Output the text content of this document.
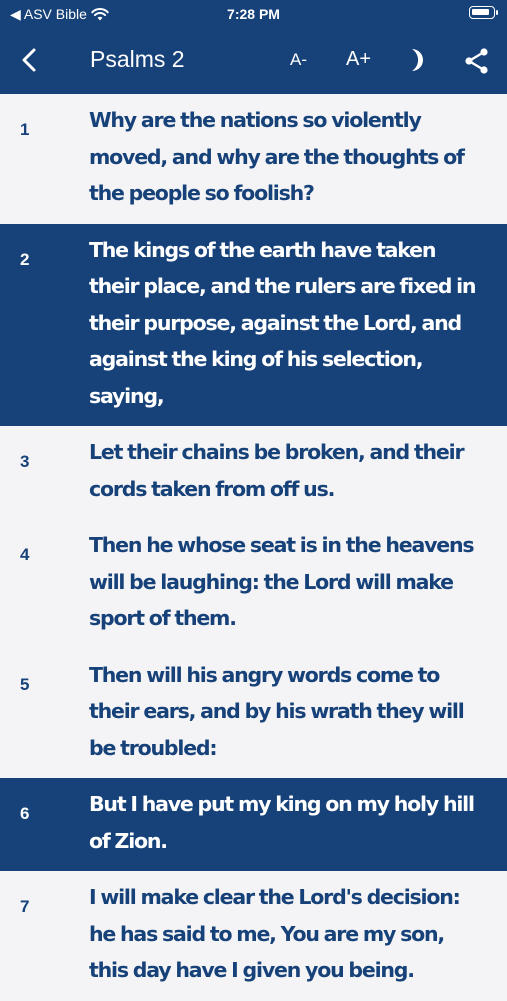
◀ ASV Bible	7:28 PM
Psalms 2	A- A+
1	Why are the nations so violently moved, and why are the thoughts of the people so foolish?
2	The kings of the earth have taken their place, and the rulers are fixed in their purpose, against the Lord, and against the king of his selection, saying,
3	Let their chains be broken, and their cords taken from off us.
4	Then he whose seat is in the heavens will be laughing: the Lord will make sport of them.
5	Then will his angry words come to their ears, and by his wrath they will be troubled:
6	But I have put my king on my holy hill of Zion.
7	I will make clear the Lord's decision: he has said to me, You are my son, this day have I given you being.
